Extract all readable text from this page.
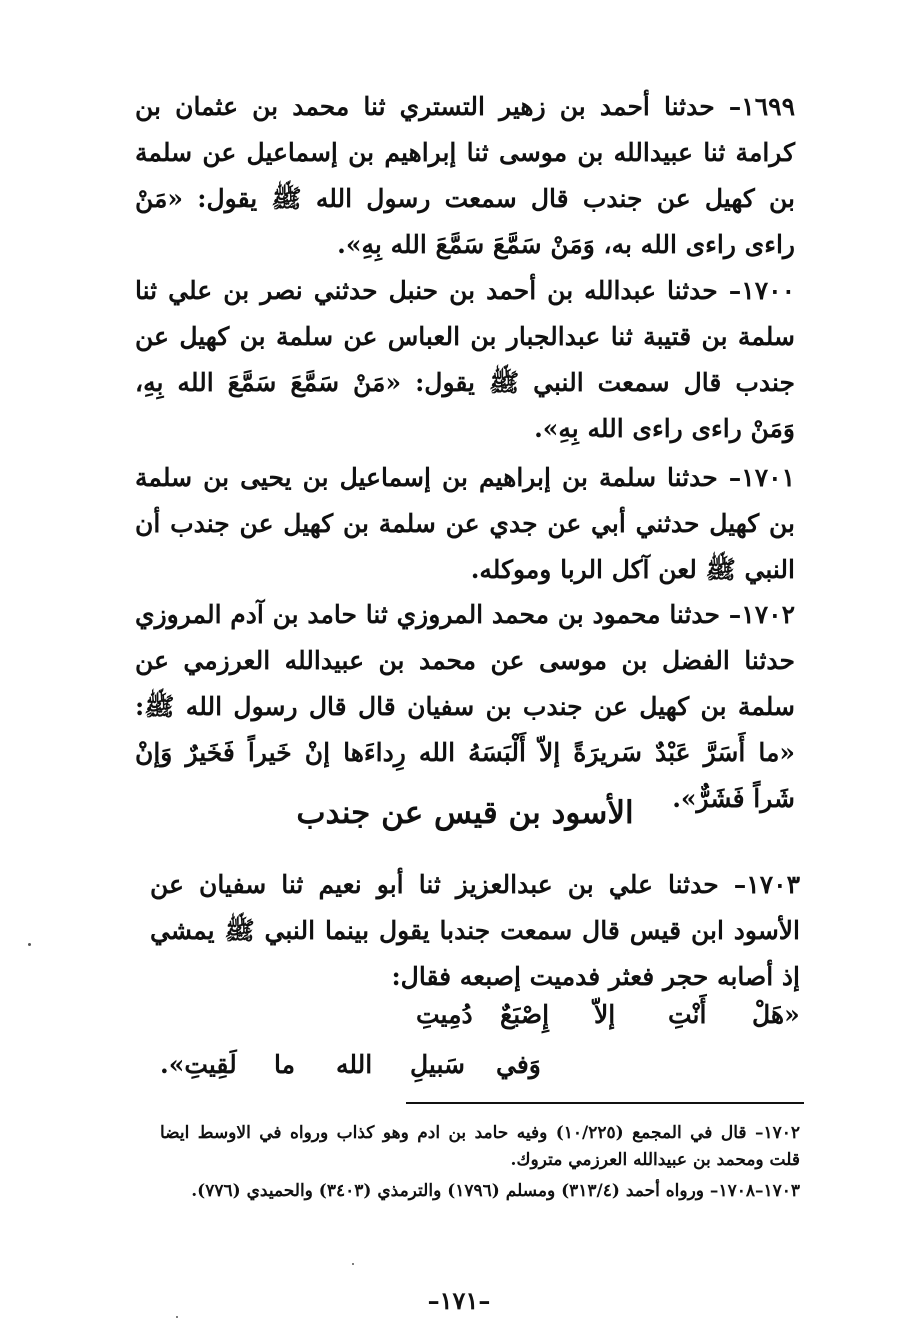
١٦٩٩– حدثنا أحمد بن زهير التستري ثنا محمد بن عثمان بن كرامة ثنا عبيدالله بن موسى ثنا إبراهيم بن إسماعيل عن سلمة بن كهيل عن جندب قال سمعت رسول الله ﷺ يقول: «مَنْ راءى راءى الله به، وَمَنْ سَمَّعَ سَمَّعَ الله بِهِ».

١٧٠٠– حدثنا عبدالله بن أحمد بن حنبل حدثني نصر بن علي ثنا سلمة بن قتيبة ثنا عبدالجبار بن العباس عن سلمة بن كهيل عن جندب قال سمعت النبي ﷺ يقول: «مَنْ سَمَّعَ سَمَّعَ الله بِهِ، وَمَنْ راءى راءى الله بِهِ».

١٧٠١– حدثنا سلمة بن إبراهيم بن إسماعيل بن يحيى بن سلمة بن كهيل حدثني أبي عن جدي عن سلمة بن كهيل عن جندب أن النبي ﷺ لعن آكل الربا وموكله.

١٧٠٢– حدثنا محمود بن محمد المروزي ثنا حامد بن آدم المروزي حدثنا الفضل بن موسى عن محمد بن عبيدالله العرزمي عن سلمة بن كهيل عن جندب بن سفيان قال قال رسول الله ﷺ: «ما أَسَرَّ عَبْدٌ سَريرَةً إلاّ أَلْبَسَهُ الله رِداءَها إنْ خَيراً فَخَيرٌ وَإنْ شَراً فَشَرٌّ».

الأسود بن قيس عن جندب

١٧٠٣– حدثنا علي بن عبدالعزيز ثنا أبو نعيم ثنا سفيان عن الأسود ابن قيس قال سمعت جندبا يقول بينما النبي ﷺ يمشي إذ أصابه حجر فعثر فدميت إصبعه فقال:

«هَلْ
أَنْتِ
إلاّ
إِصْبَعٌ
دُمِيتِ
وَفي
سَبيلِ
الله
ما
لَقِيتِ».

١٧٠٢– قال في المجمع (١٠/٢٢٥) وفيه حامد بن ادم وهو كذاب ورواه في الاوسط ايضا قلت ومحمد بن عبيدالله العرزمي متروك.

١٧٠٣–١٧٠٨– ورواه أحمد (٣١٣/٤) ومسلم (١٧٩٦) والترمذي (٣٤٠٣) والحميدي (٧٧٦).

–١٧١–
